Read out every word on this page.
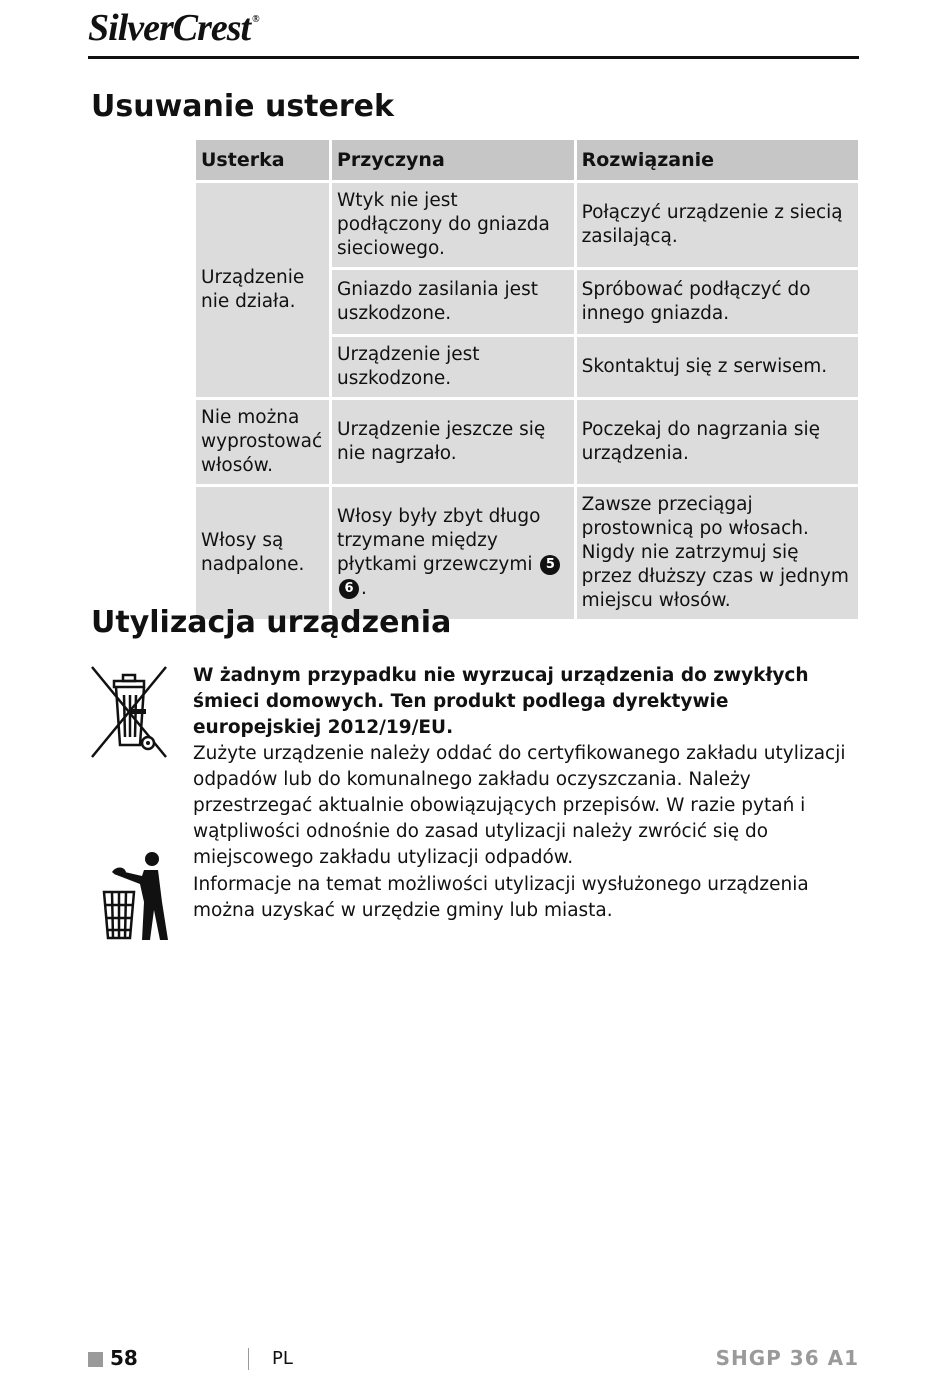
SilverCrest ®
Usuwanie usterek
Usterka	Przyczyna	Rozwiązanie
Urządzenie nie działa.	Wtyk nie jest podłączony do gniazda sieciowego.	Połączyć urządzenie z siecią zasilającą.
	Gniazdo zasilania jest uszkodzone.	Spróbować podłączyć do innego gniazda.
	Urządzenie jest uszkodzone.	Skontaktuj się z serwisem.
Nie można wyprostować włosów.	Urządzenie jeszcze się nie nagrzało.	Poczekaj do nagrzania się urządzenia.
Włosy są nadpalone.	Włosy były zbyt długo trzymane między płytkami grzewczymi 5 6 .	Zawsze przeciągaj prostownicą po włosach. Nigdy nie zatrzymuj się przez dłuższy czas w jednym miejscu włosów.
Utylizacja urządzenia

W żadnym przypadku nie wyrzucaj urządzenia do zwykłych śmieci domowych. Ten produkt podlega dyrektywie europejskiej 2012/19/EU.

Zużyte urządzenie należy oddać do certyfikowanego zakładu utylizacji odpadów lub do komunalnego zakładu oczyszczania. Należy przestrzegać aktualnie obowiązujących przepisów. W razie pytań i wątpliwości odnośnie do zasad utylizacji należy zwrócić się do miejscowego zakładu utylizacji odpadów.

Informacje na temat możliwości utylizacji wysłużonego urządzenia można uzyskać w urzędzie gminy lub miasta.

58	PL	SHGP 36 A1
